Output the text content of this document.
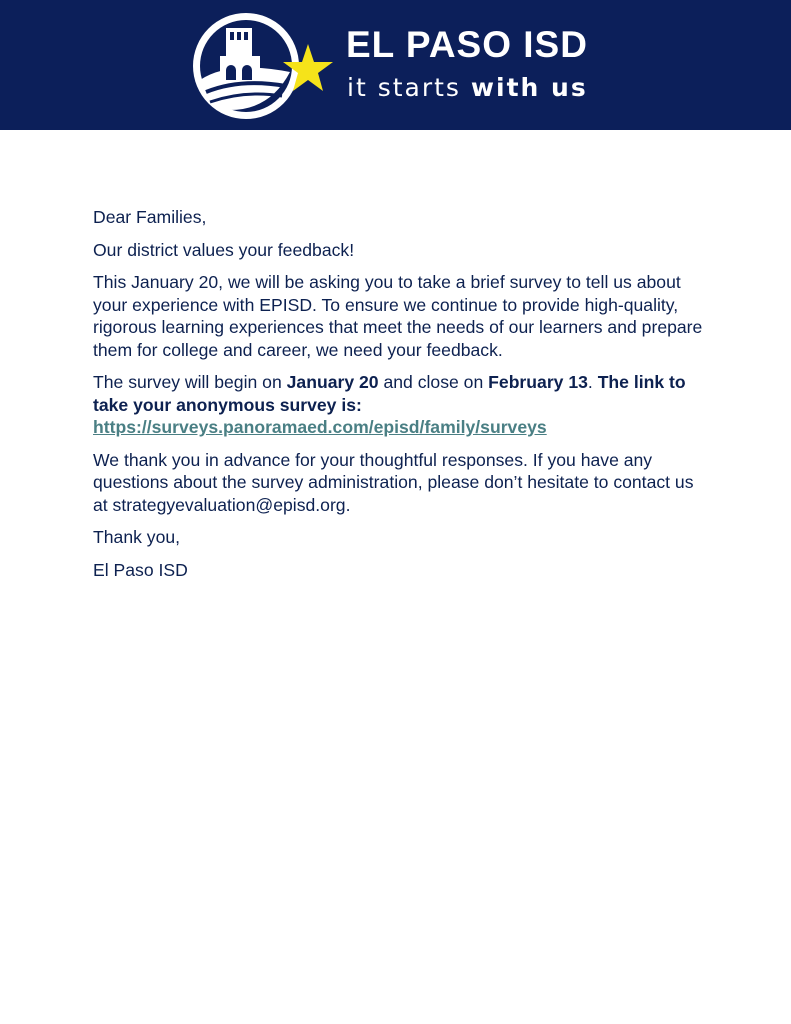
EL PASO ISD
it starts with us

Dear Families,

Our district values your feedback!

This January 20, we will be asking you to take a brief survey to tell us about your experience with EPISD. To ensure we continue to provide high-quality, rigorous learning experiences that meet the needs of our learners and prepare them for college and career, we need your feedback.

The survey will begin on January 20 and close on February 13. The link to take your anonymous survey is:
https://surveys.panoramaed.com/episd/family/surveys

We thank you in advance for your thoughtful responses. If you have any questions about the survey administration, please don’t hesitate to contact us at strategyevaluation@episd.org.

Thank you,

El Paso ISD
